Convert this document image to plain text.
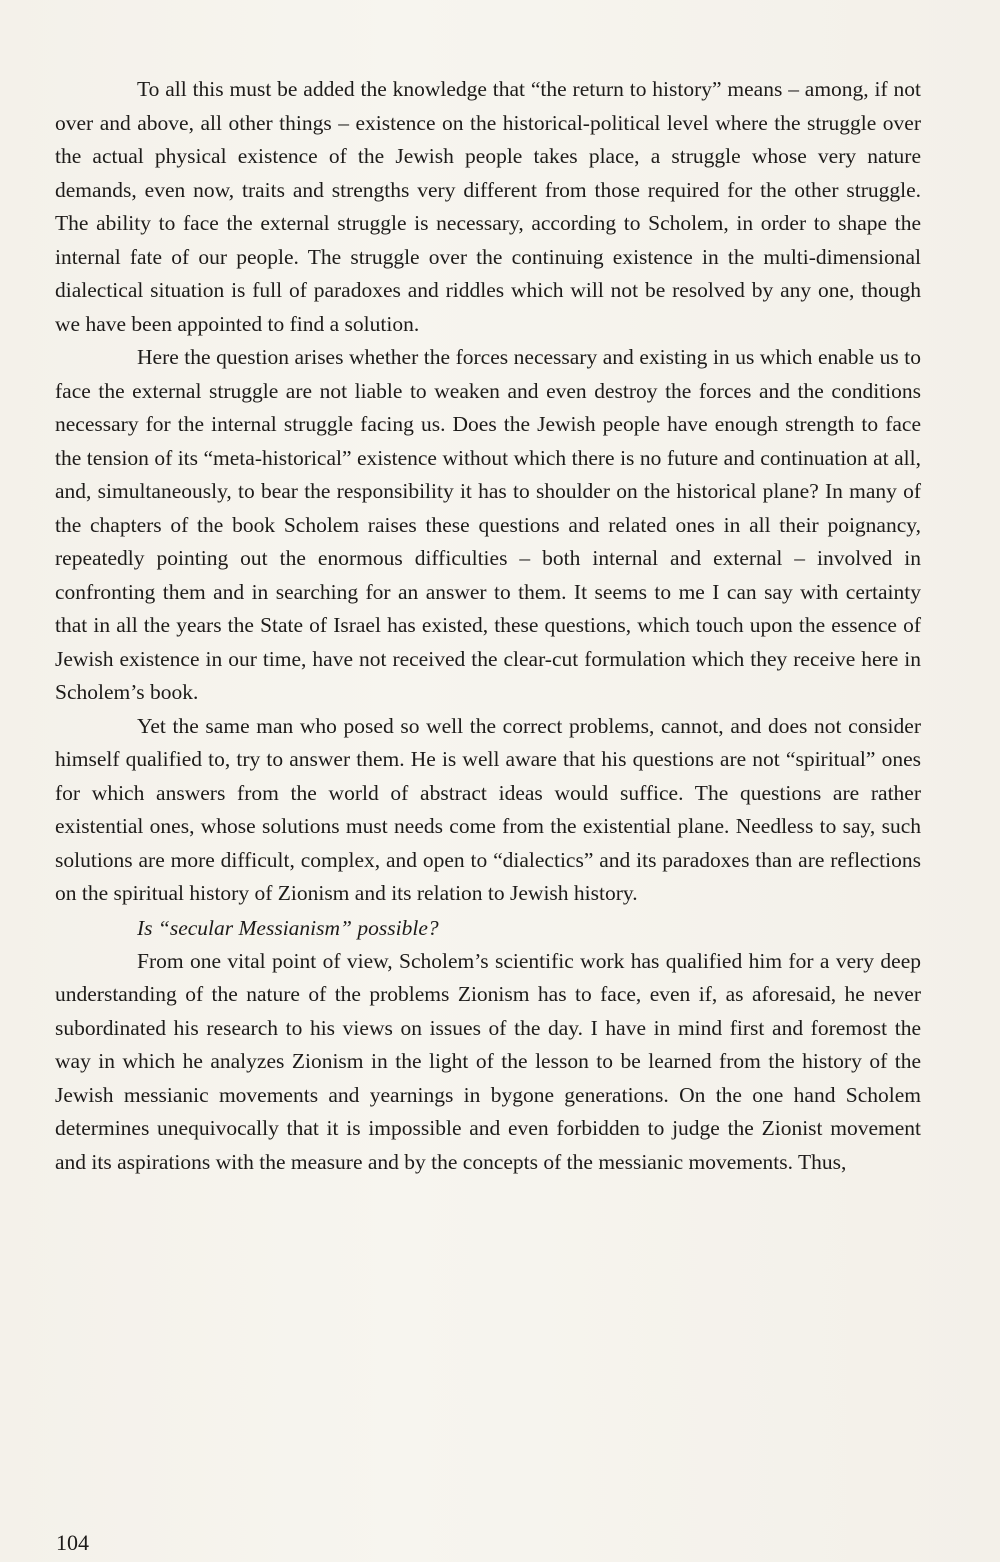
To all this must be added the knowledge that “the return to history” means – among, if not over and above, all other things – existence on the historical-political level where the struggle over the actual physical existence of the Jewish people takes place, a struggle whose very nature demands, even now, traits and strengths very different from those required for the other struggle. The ability to face the external struggle is necessary, according to Scholem, in order to shape the internal fate of our people. The struggle over the continuing existence in the multi-dimensional dialectical situation is full of paradoxes and riddles which will not be resolved by any one, though we have been appointed to find a solution.

Here the question arises whether the forces necessary and existing in us which enable us to face the external struggle are not liable to weaken and even destroy the forces and the conditions necessary for the internal struggle facing us. Does the Jewish people have enough strength to face the tension of its “meta-historical” existence without which there is no future and continuation at all, and, simultaneously, to bear the responsibility it has to shoulder on the historical plane? In many of the chapters of the book Scholem raises these questions and related ones in all their poignancy, repeatedly pointing out the enormous difficulties – both internal and external – involved in confronting them and in searching for an answer to them. It seems to me I can say with certainty that in all the years the State of Israel has existed, these questions, which touch upon the essence of Jewish existence in our time, have not received the clear-cut formulation which they receive here in Scholem’s book.

Yet the same man who posed so well the correct problems, cannot, and does not consider himself qualified to, try to answer them. He is well aware that his questions are not “spiritual” ones for which answers from the world of abstract ideas would suffice. The questions are rather existential ones, whose solutions must needs come from the existential plane. Needless to say, such solutions are more difficult, complex, and open to “dialectics” and its paradoxes than are reflections on the spiritual history of Zionism and its relation to Jewish history.

Is “secular Messianism” possible?

From one vital point of view, Scholem’s scientific work has qualified him for a very deep understanding of the nature of the problems Zionism has to face, even if, as aforesaid, he never subordinated his research to his views on issues of the day. I have in mind first and foremost the way in which he analyzes Zionism in the light of the lesson to be learned from the history of the Jewish messianic movements and yearnings in bygone generations. On the one hand Scholem determines unequivocally that it is impossible and even forbidden to judge the Zionist movement and its aspirations with the measure and by the concepts of the messianic movements. Thus,

104
